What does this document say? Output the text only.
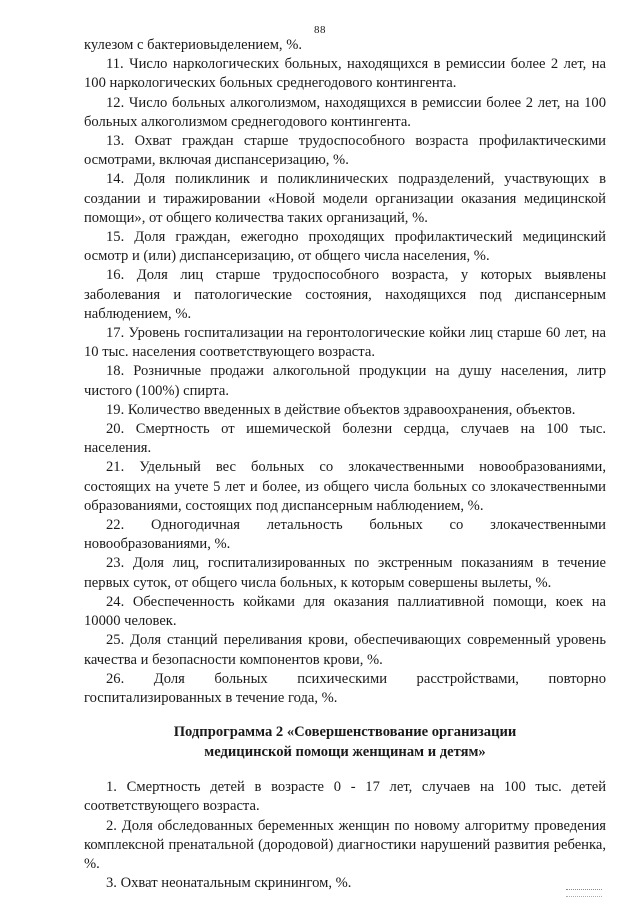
88

кулезом с бактериовыделением, %.

11. Число наркологических больных, находящихся в ремиссии более 2 лет, на 100 наркологических больных среднегодового контингента.

12. Число больных алкоголизмом, находящихся в ремиссии более 2 лет, на 100 больных алкоголизмом среднегодового контингента.

13. Охват граждан старше трудоспособного возраста профилактическими осмотрами, включая диспансеризацию, %.

14. Доля поликлиник и поликлинических подразделений, участвующих в создании и тиражировании «Новой модели организации оказания медицинской помощи», от общего количества таких организаций, %.

15. Доля граждан, ежегодно проходящих профилактический медицинский осмотр и (или) диспансеризацию, от общего числа населения, %.

16. Доля лиц старше трудоспособного возраста, у которых выявлены заболевания и патологические состояния, находящихся под диспансерным наблюдением, %.

17. Уровень госпитализации на геронтологические койки лиц старше 60 лет, на 10 тыс. населения соответствующего возраста.

18. Розничные продажи алкогольной продукции на душу населения, литр чистого (100%) спирта.

19. Количество введенных в действие объектов здравоохранения, объектов.

20. Смертность от ишемической болезни сердца, случаев на 100 тыс. населения.

21. Удельный вес больных со злокачественными новообразованиями, состоящих на учете 5 лет и более, из общего числа больных со злокачественными образованиями, состоящих под диспансерным наблюдением, %.

22. Одногодичная летальность больных со злокачественными новообразованиями, %.

23. Доля лиц, госпитализированных по экстренным показаниям в течение первых суток, от общего числа больных, к которым совершены вылеты, %.

24. Обеспеченность койками для оказания паллиативной помощи, коек на 10000 человек.

25. Доля станций переливания крови, обеспечивающих современный уровень качества и безопасности компонентов крови, %.

26. Доля больных психическими расстройствами, повторно госпитализированных в течение года, %.

Подпрограмма 2 «Совершенствование организации
медицинской помощи женщинам и детям»

1. Смертность детей в возрасте 0 - 17 лет, случаев на 100 тыс. детей соответствующего возраста.

2. Доля обследованных беременных женщин по новому алгоритму проведения комплексной пренатальной (дородовой) диагностики нарушений развития ребенка, %.

3. Охват неонатальным скринингом, %.
